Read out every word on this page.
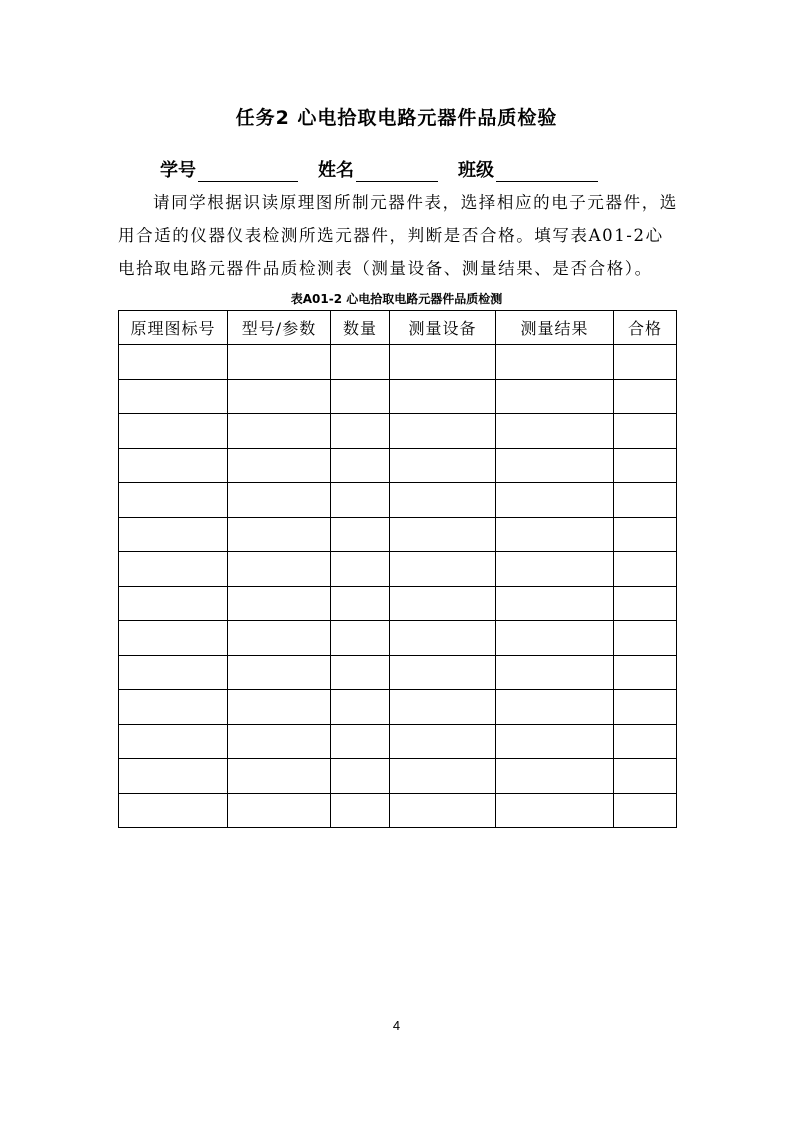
任务2 心电拾取电路元器件品质检验
学号	姓名	班级

请同学根据识读原理图所制元器件表，选择相应的电子元器件，选用合适的仪器仪表检测所选元器件，判断是否合格。填写表A01-2心电拾取电路元器件品质检测表（测量设备、测量结果、是否合格）。

表A01-2 心电拾取电路元器件品质检测
原理图标号	型号/参数	数量	测量设备	测量结果	合格

4
